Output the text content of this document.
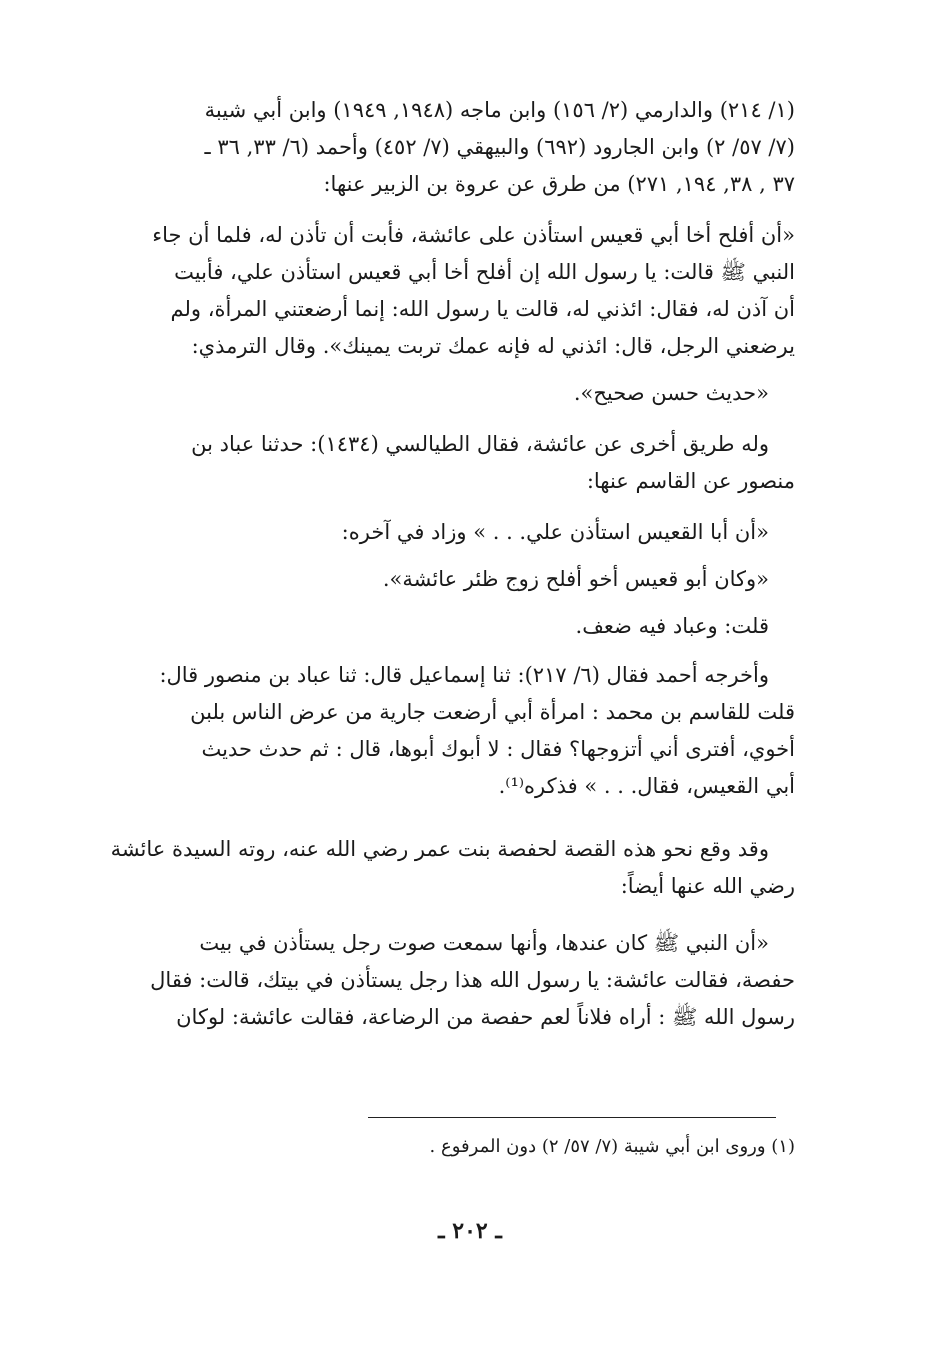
(١/ ٢١٤) والدارمي (٢/ ١٥٦) وابن ماجه (١٩٤٨, ١٩٤٩) وابن أبي شيبة
(٧/ ٥٧/ ٢) وابن الجارود (٦٩٢) والبيهقي (٧/ ٤٥٢) وأحمد (٦/ ٣٣, ٣٦ ـ
٣٧ , ٣٨, ١٩٤, ٢٧١) من طرق عن عروة بن الزبير عنها:
«أن أفلح أخا أبي قعيس استأذن على عائشة، فأبت أن تأذن له، فلما أن جاء
النبي ﷺ قالت: يا رسول الله إن أفلح أخا أبي قعيس استأذن علي، فأبيت
أن آذن له، فقال: ائذني له، قالت يا رسول الله: إنما أرضعتني المرأة، ولم
يرضعني الرجل، قال: ائذني له فإنه عمك تربت يمينك». وقال الترمذي:
«حديث حسن صحيح».
وله طريق أخرى عن عائشة، فقال الطيالسي (١٤٣٤): حدثنا عباد بن
منصور عن القاسم عنها:
«أن أبا القعيس استأذن علي. . . » وزاد في آخره:
«وكان أبو قعيس أخو أفلح زوج ظئر عائشة».
قلت: وعباد فيه ضعف.
وأخرجه أحمد فقال (٦/ ٢١٧): ثنا إسماعيل قال: ثنا عباد بن منصور قال:
قلت للقاسم بن محمد : امرأة أبي أرضعت جارية من عرض الناس بلبن
أخوي، أفترى أني أتزوجها؟ فقال : لا أبوك أبوها، قال : ثم حدث حديث
أبي القعيس، فقال. . . » فذكره⁽¹⁾.
وقد وقع نحو هذه القصة لحفصة بنت عمر رضي الله عنه، روته السيدة عائشة
رضي الله عنها أيضاً:
«أن النبي ﷺ كان عندها، وأنها سمعت صوت رجل يستأذن في بيت
حفصة، فقالت عائشة: يا رسول الله هذا رجل يستأذن في بيتك، قالت: فقال
رسول الله ﷺ : أراه فلاناً لعم حفصة من الرضاعة، فقالت عائشة: لوكان
(١) وروى ابن أبي شيبة (٧/ ٥٧/ ٢) دون المرفوع .
ـ ٢٠٢ ـ
